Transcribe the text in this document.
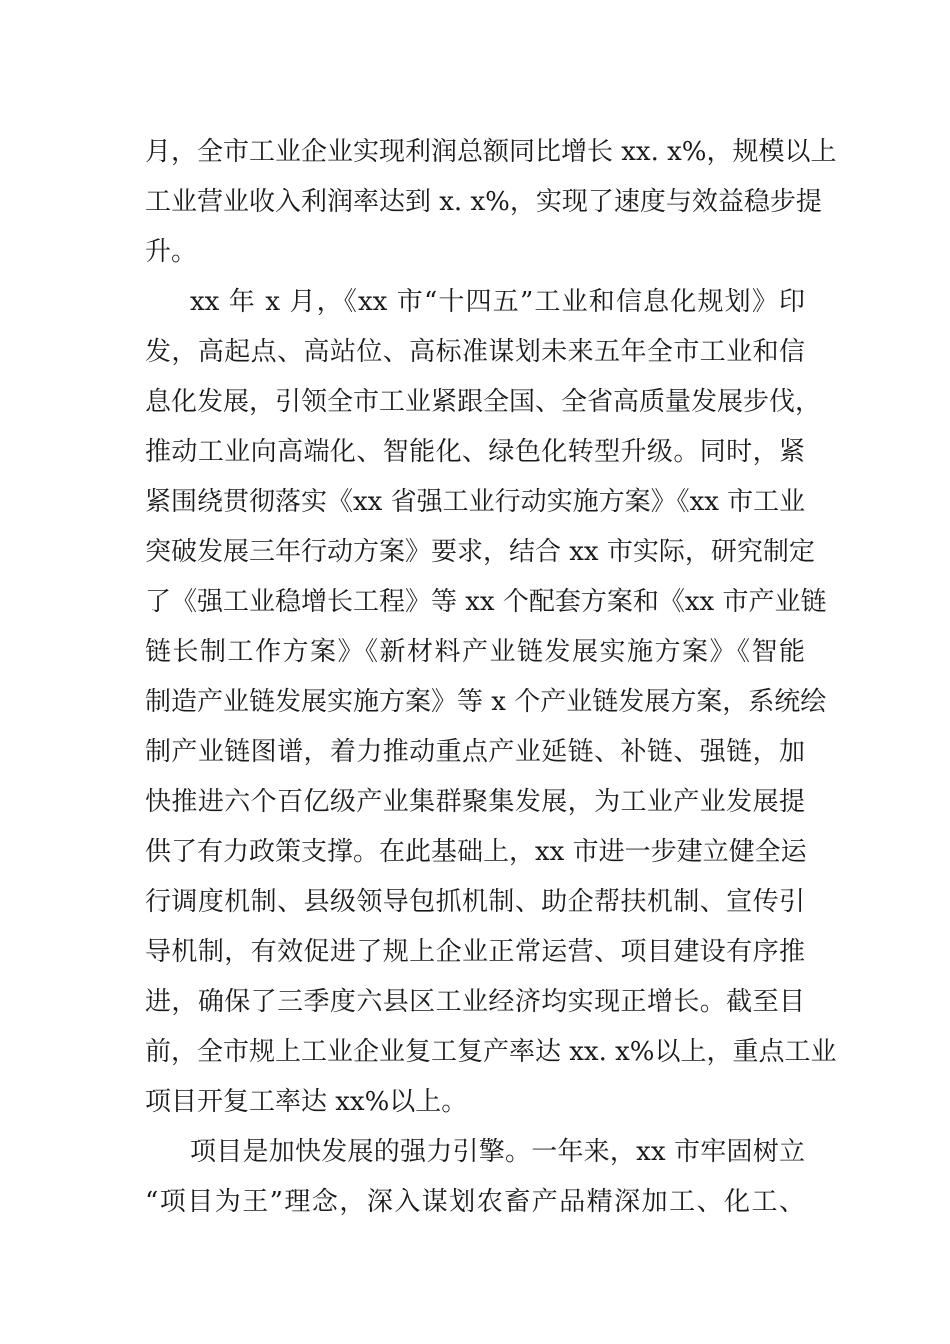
月，全市工业企业实现利润总额同比增长 xx. x%，规模以上
工业营业收入利润率达到 x. x%，实现了速度与效益稳步提
升。
xx 年 x 月，《xx 市“十四五”工业和信息化规划》印
发，高起点、高站位、高标准谋划未来五年全市工业和信
息化发展，引领全市工业紧跟全国、全省高质量发展步伐，
推动工业向高端化、智能化、绿色化转型升级。同时，紧
紧围绕贯彻落实《xx 省强工业行动实施方案》《xx 市工业
突破发展三年行动方案》要求，结合 xx 市实际，研究制定
了《强工业稳增长工程》等 xx 个配套方案和《xx 市产业链
链长制工作方案》《新材料产业链发展实施方案》《智能
制造产业链发展实施方案》等 x 个产业链发展方案，系统绘
制产业链图谱，着力推动重点产业延链、补链、强链，加
快推进六个百亿级产业集群聚集发展，为工业产业发展提
供了有力政策支撑。在此基础上，xx 市进一步建立健全运
行调度机制、县级领导包抓机制、助企帮扶机制、宣传引
导机制，有效促进了规上企业正常运营、项目建设有序推
进，确保了三季度六县区工业经济均实现正增长。截至目
前，全市规上工业企业复工复产率达 xx. x%以上，重点工业
项目开复工率达 xx%以上。
项目是加快发展的强力引擎。一年来，xx 市牢固树立
“项目为王”理念，深入谋划农畜产品精深加工、化工、
